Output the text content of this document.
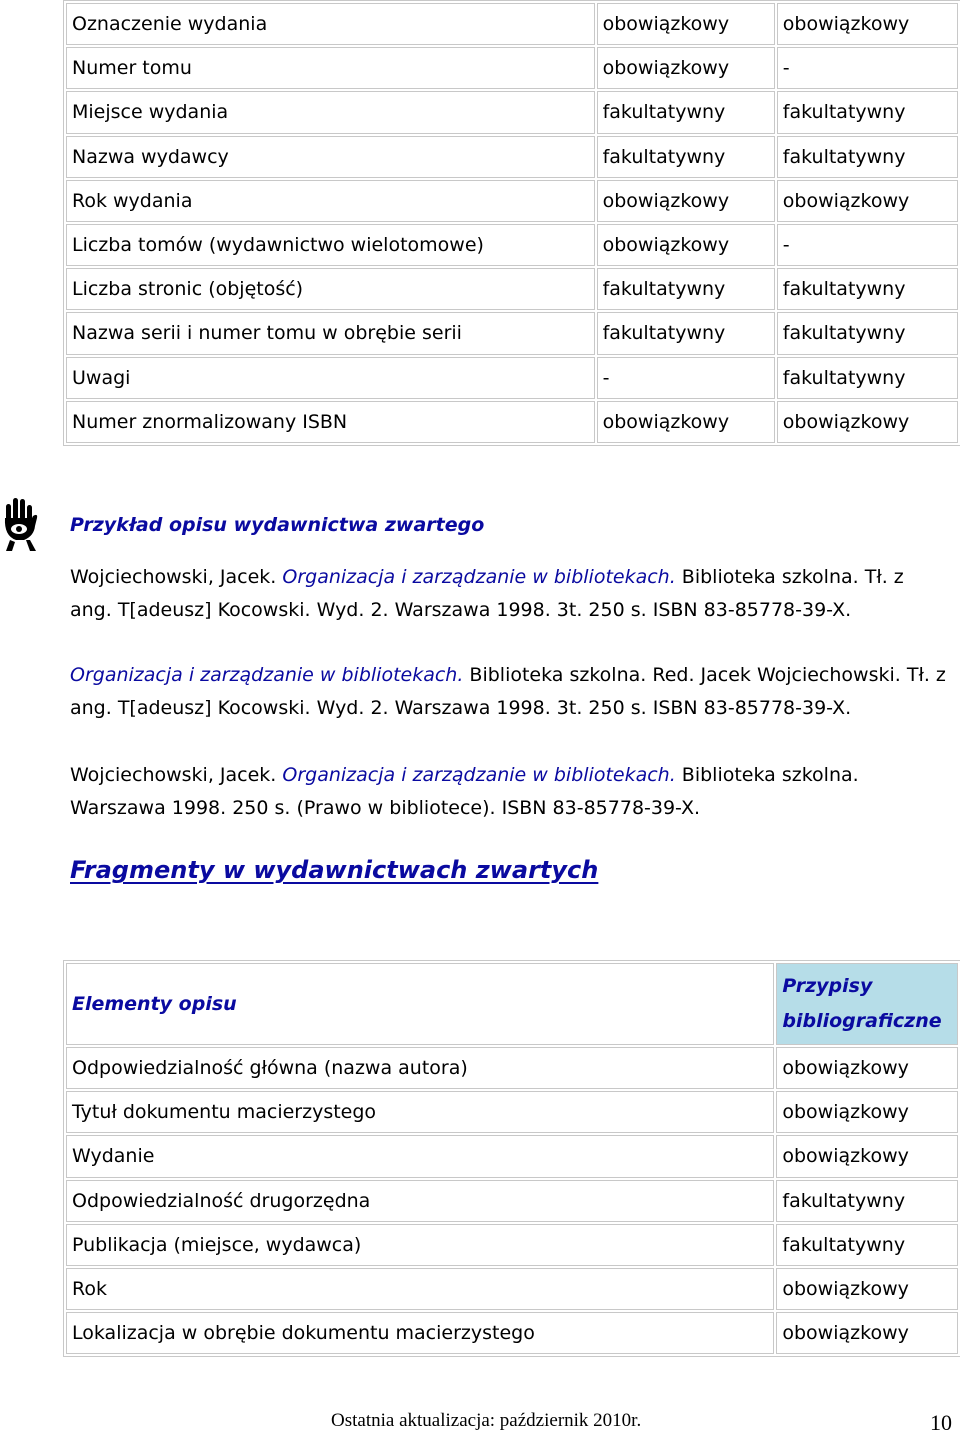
Oznaczenie wydania	obowiązkowy	obowiązkowy
Numer tomu	obowiązkowy	-
Miejsce wydania	fakultatywny	fakultatywny
Nazwa wydawcy	fakultatywny	fakultatywny
Rok wydania	obowiązkowy	obowiązkowy
Liczba tomów (wydawnictwo wielotomowe)	obowiązkowy	-
Liczba stronic (objętość)	fakultatywny	fakultatywny
Nazwa serii i numer tomu w obrębie serii	fakultatywny	fakultatywny
Uwagi	-	fakultatywny
Numer znormalizowany ISBN	obowiązkowy	obowiązkowy
Przykład opisu wydawnictwa zwartego

Wojciechowski, Jacek. Organizacja i zarządzanie w bibliotekach. Biblioteka szkolna. Tł. z ang. T[adeusz] Kocowski. Wyd. 2. Warszawa 1998. 3t. 250 s. ISBN 83-85778-39-X.

Organizacja i zarządzanie w bibliotekach. Biblioteka szkolna. Red. Jacek Wojciechowski. Tł. z ang. T[adeusz] Kocowski. Wyd. 2. Warszawa 1998. 3t. 250 s. ISBN 83-85778-39-X.

Wojciechowski, Jacek. Organizacja i zarządzanie w bibliotekach. Biblioteka szkolna. Warszawa 1998. 250 s. (Prawo w bibliotece). ISBN 83-85778-39-X.

Fragmenty w wydawnictwach zwartych
Elementy opisu	Przypisy bibliograficzne
Odpowiedzialność główna (nazwa autora)	obowiązkowy
Tytuł dokumentu macierzystego	obowiązkowy
Wydanie	obowiązkowy
Odpowiedzialność drugorzędna	fakultatywny
Publikacja (miejsce, wydawca)	fakultatywny
Rok	obowiązkowy
Lokalizacja w obrębie dokumentu macierzystego	obowiązkowy
Ostatnia aktualizacja: październik 2010r.	10
